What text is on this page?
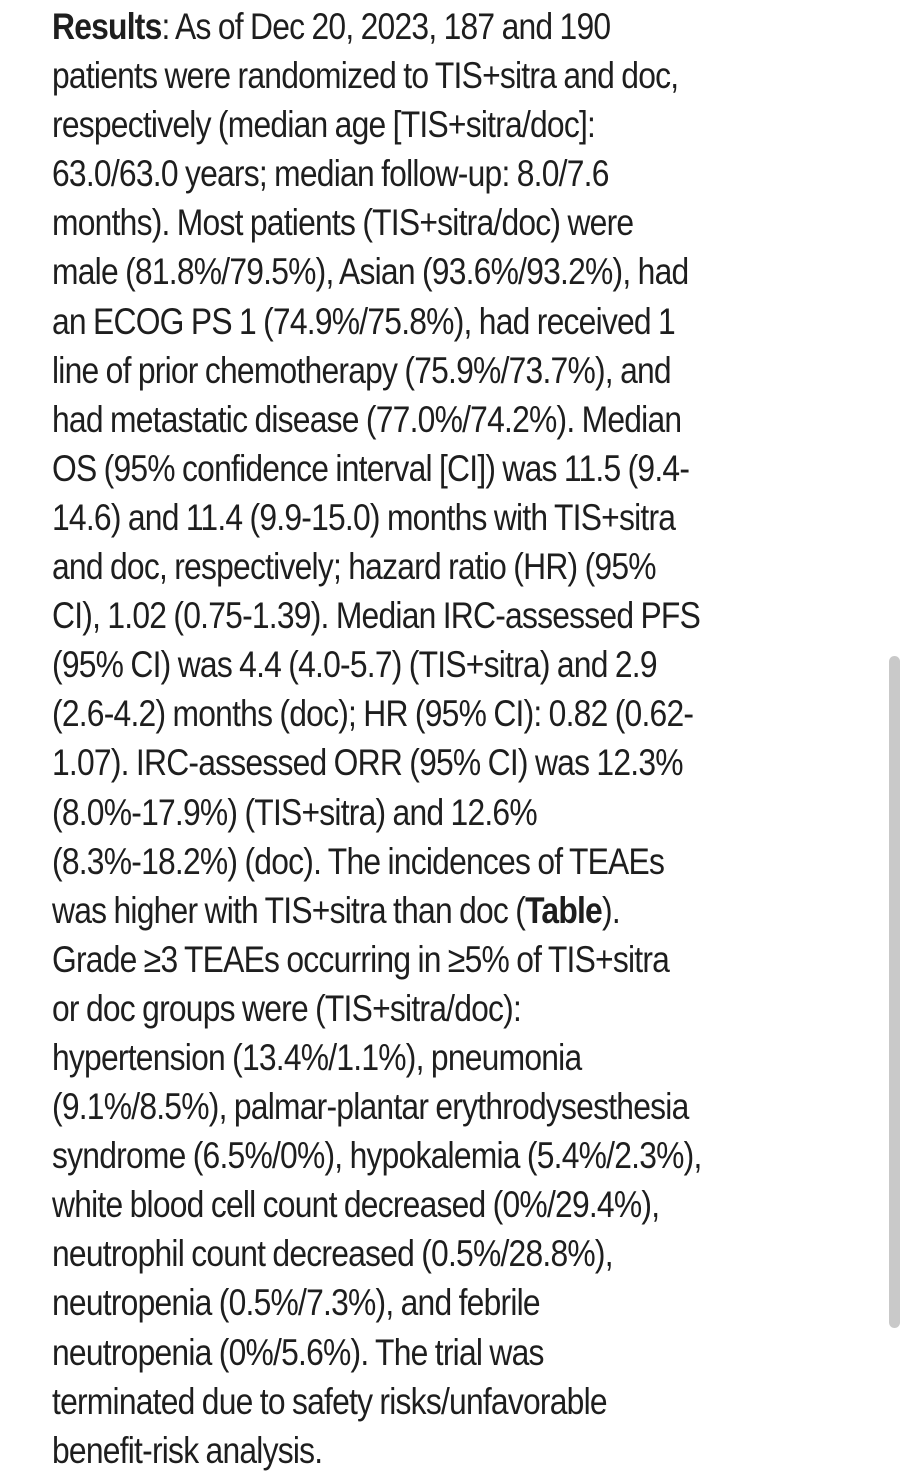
Results: As of Dec 20, 2023, 187 and 190
patients were randomized to TIS+sitra and doc,
respectively (median age [TIS+sitra/doc]:
63.0/63.0 years; median follow-up: 8.0/7.6
months). Most patients (TIS+sitra/doc) were
male (81.8%/79.5%), Asian (93.6%/93.2%), had
an ECOG PS 1 (74.9%/75.8%), had received 1
line of prior chemotherapy (75.9%/73.7%), and
had metastatic disease (77.0%/74.2%). Median
OS (95% confidence interval [CI]) was 11.5 (9.4-
14.6) and 11.4 (9.9-15.0) months with TIS+sitra
and doc, respectively; hazard ratio (HR) (95%
CI), 1.02 (0.75-1.39). Median IRC-assessed PFS
(95% CI) was 4.4 (4.0-5.7) (TIS+sitra) and 2.9
(2.6-4.2) months (doc); HR (95% CI): 0.82 (0.62-
1.07). IRC-assessed ORR (95% CI) was 12.3%
(8.0%-17.9%) (TIS+sitra) and 12.6%
(8.3%-18.2%) (doc). The incidences of TEAEs
was higher with TIS+sitra than doc (Table).
Grade ≥3 TEAEs occurring in ≥5% of TIS+sitra
or doc groups were (TIS+sitra/doc):
hypertension (13.4%/1.1%), pneumonia
(9.1%/8.5%), palmar-plantar erythrodysesthesia
syndrome (6.5%/0%), hypokalemia (5.4%/2.3%),
white blood cell count decreased (0%/29.4%),
neutrophil count decreased (0.5%/28.8%),
neutropenia (0.5%/7.3%), and febrile
neutropenia (0%/5.6%). The trial was
terminated due to safety risks/unfavorable
benefit-risk analysis.
